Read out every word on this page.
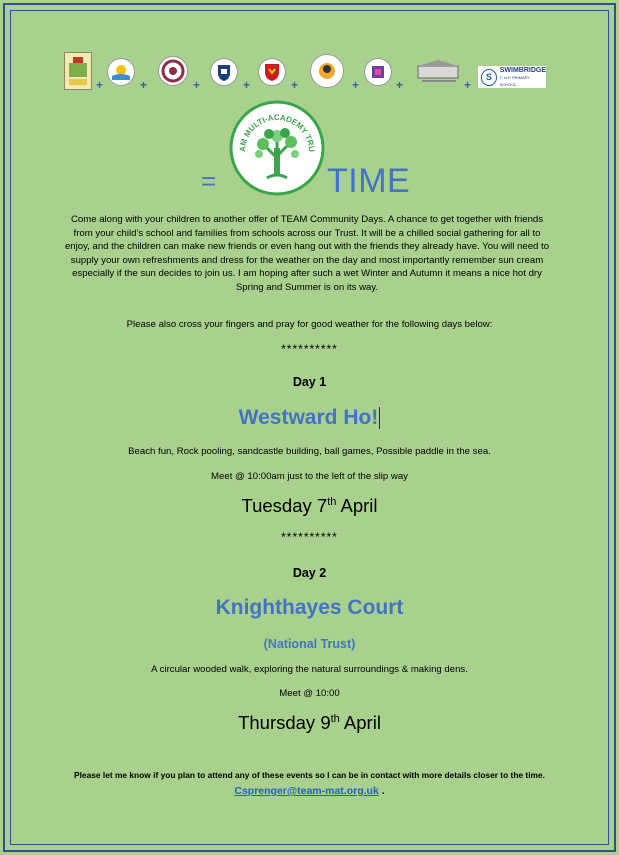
+	+	+	+	+	+	+	+
S
SWIMBRIDGE
C of E PRIMARY SCHOOL
=
AM MULTI-ACADEMY TRU
TIME
Come along with your children to another offer of TEAM Community Days. A chance to get together with friends from your child’s school and families from schools across our Trust. It will be a chilled social gathering for all to enjoy, and the children can make new friends or even hang out with the friends they already have. You will need to supply your own refreshments and dress for the weather on the day and most importantly remember sun cream especially if the sun decides to join us. I am hoping after such a wet Winter and Autumn it means a nice hot dry Spring and Summer is on its way.
Please also cross your fingers and pray for good weather for the following days below:
**********
Day 1
Westward Ho!
Beach fun, Rock pooling, sandcastle building, ball games, Possible paddle in the sea.
Meet @ 10:00am just to the left of the slip way
Tuesday 7th April
**********
Day 2
Knighthayes Court
(National Trust)
A circular wooded walk, exploring the natural surroundings & making dens.
Meet @ 10:00
Thursday 9th April
Please let me know if you plan to attend any of these events so I can be in contact with more details closer to the time.
Csprenger@team-mat.org.uk .
